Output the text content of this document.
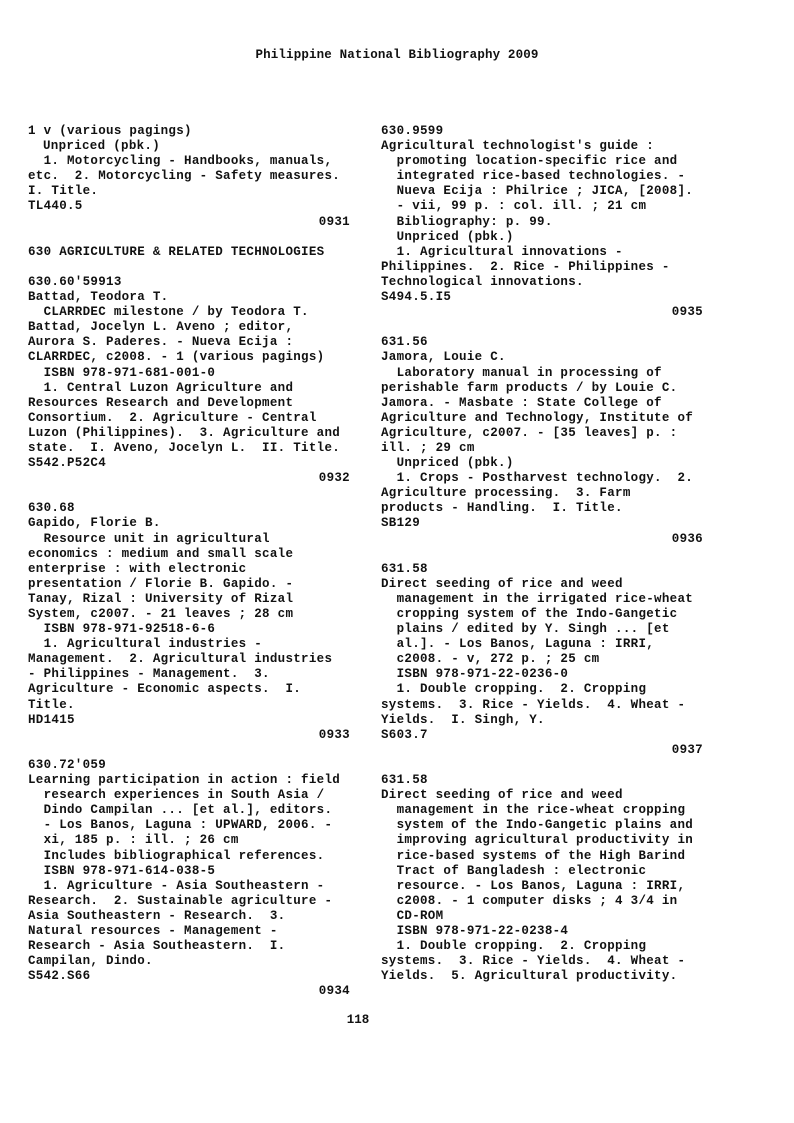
Philippine National Bibliography 2009
1 v (various pagings)
Unpriced (pbk.)
1. Motorcycling - Handbooks, manuals,
etc.  2. Motorcycling - Safety measures.
I. Title.
TL440.5
0931
630 AGRICULTURE & RELATED TECHNOLOGIES
630.60'59913
Battad, Teodora T.
CLARRDEC milestone / by Teodora T.
Battad, Jocelyn L. Aveno ; editor,
Aurora S. Paderes. - Nueva Ecija :
CLARRDEC, c2008. - 1 (various pagings)
ISBN 978-971-681-001-0
1. Central Luzon Agriculture and
Resources Research and Development
Consortium.  2. Agriculture - Central
Luzon (Philippines).  3. Agriculture and
state.  I. Aveno, Jocelyn L.  II. Title.
S542.P52C4
0932
630.68
Gapido, Florie B.
Resource unit in agricultural
economics : medium and small scale
enterprise : with electronic
presentation / Florie B. Gapido. -
Tanay, Rizal : University of Rizal
System, c2007. - 21 leaves ; 28 cm
ISBN 978-971-92518-6-6
1. Agricultural industries -
Management.  2. Agricultural industries
- Philippines - Management.  3.
Agriculture - Economic aspects.  I.
Title.
HD1415
0933
630.72'059
Learning participation in action : field
research experiences in South Asia /
Dindo Campilan ... [et al.], editors.
- Los Banos, Laguna : UPWARD, 2006. -
xi, 185 p. : ill. ; 26 cm
Includes bibliographical references.
ISBN 978-971-614-038-5
1. Agriculture - Asia Southeastern -
Research.  2. Sustainable agriculture -
Asia Southeastern - Research.  3.
Natural resources - Management -
Research - Asia Southeastern.  I.
Campilan, Dindo.
S542.S66
0934
630.9599
Agricultural technologist's guide :
promoting location-specific rice and
integrated rice-based technologies. -
Nueva Ecija : Philrice ; JICA, [2008].
- vii, 99 p. : col. ill. ; 21 cm
Bibliography: p. 99.
Unpriced (pbk.)
1. Agricultural innovations -
Philippines.  2. Rice - Philippines -
Technological innovations.
S494.5.I5
0935
631.56
Jamora, Louie C.
Laboratory manual in processing of
perishable farm products / by Louie C.
Jamora. - Masbate : State College of
Agriculture and Technology, Institute of
Agriculture, c2007. - [35 leaves] p. :
ill. ; 29 cm
Unpriced (pbk.)
1. Crops - Postharvest technology.  2.
Agriculture processing.  3. Farm
products - Handling.  I. Title.
SB129
0936
631.58
Direct seeding of rice and weed
management in the irrigated rice-wheat
cropping system of the Indo-Gangetic
plains / edited by Y. Singh ... [et
al.]. - Los Banos, Laguna : IRRI,
c2008. - v, 272 p. ; 25 cm
ISBN 978-971-22-0236-0
1. Double cropping.  2. Cropping
systems.  3. Rice - Yields.  4. Wheat -
Yields.  I. Singh, Y.
S603.7
0937
631.58
Direct seeding of rice and weed
management in the rice-wheat cropping
system of the Indo-Gangetic plains and
improving agricultural productivity in
rice-based systems of the High Barind
Tract of Bangladesh : electronic
resource. - Los Banos, Laguna : IRRI,
c2008. - 1 computer disks ; 4 3/4 in
CD-ROM
ISBN 978-971-22-0238-4
1. Double cropping.  2. Cropping
systems.  3. Rice - Yields.  4. Wheat -
Yields.  5. Agricultural productivity.
118
